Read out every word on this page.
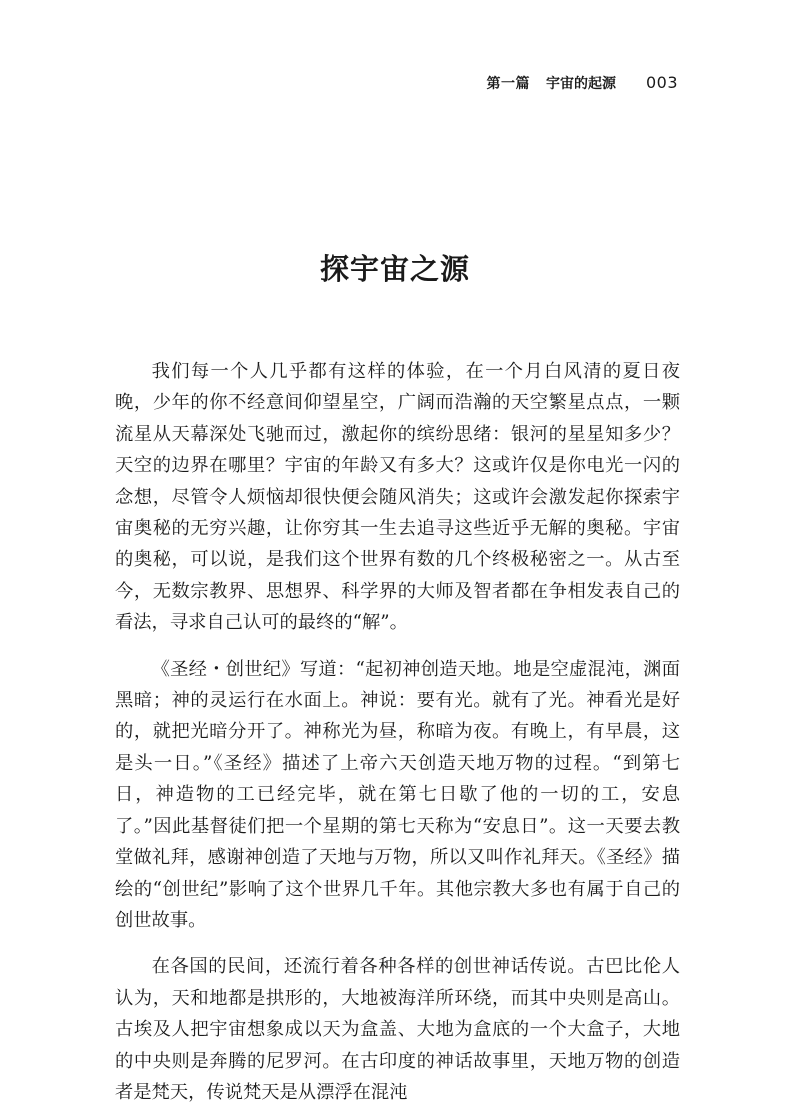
第一篇 宇宙的起源 003
探宇宙之源

我们每一个人几乎都有这样的体验，在一个月白风清的夏日夜晚，少年的你不经意间仰望星空，广阔而浩瀚的天空繁星点点，一颗流星从天幕深处飞驰而过，激起你的缤纷思绪：银河的星星知多少？天空的边界在哪里？宇宙的年龄又有多大？这或许仅是你电光一闪的念想，尽管令人烦恼却很快便会随风消失；这或许会激发起你探索宇宙奥秘的无穷兴趣，让你穷其一生去追寻这些近乎无解的奥秘。宇宙的奥秘，可以说，是我们这个世界有数的几个终极秘密之一。从古至今，无数宗教界、思想界、科学界的大师及智者都在争相发表自己的看法，寻求自己认可的最终的“解”。

《圣经・创世纪》写道：“起初神创造天地。地是空虚混沌，渊面黑暗；神的灵运行在水面上。神说：要有光。就有了光。神看光是好的，就把光暗分开了。神称光为昼，称暗为夜。有晚上，有早晨，这是头一日。”《圣经》描述了上帝六天创造天地万物的过程。“到第七日，神造物的工已经完毕，就在第七日歇了他的一切的工，安息了。”因此基督徒们把一个星期的第七天称为“安息日”。这一天要去教堂做礼拜，感谢神创造了天地与万物，所以又叫作礼拜天。《圣经》描绘的“创世纪”影响了这个世界几千年。其他宗教大多也有属于自己的创世故事。

在各国的民间，还流行着各种各样的创世神话传说。古巴比伦人认为，天和地都是拱形的，大地被海洋所环绕，而其中央则是高山。古埃及人把宇宙想象成以天为盒盖、大地为盒底的一个大盒子，大地的中央则是奔腾的尼罗河。在古印度的神话故事里，天地万物的创造者是梵天，传说梵天是从漂浮在混沌
